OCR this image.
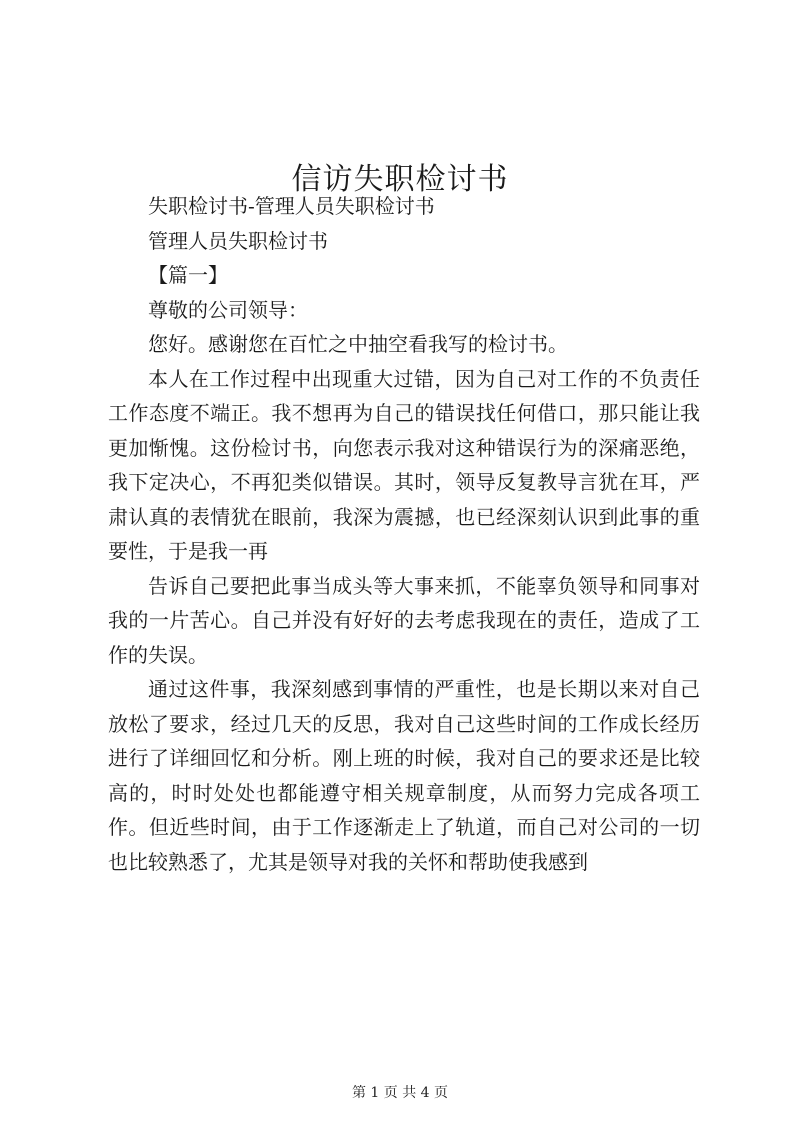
信访失职检讨书

失职检讨书-管理人员失职检讨书

管理人员失职检讨书

【篇一】

尊敬的公司领导：

您好。感谢您在百忙之中抽空看我写的检讨书。

本人在工作过程中出现重大过错，因为自己对工作的不负责任工作态度不端正。我不想再为自己的错误找任何借口，那只能让我更加惭愧。这份检讨书，向您表示我对这种错误行为的深痛恶绝，我下定决心，不再犯类似错误。其时，领导反复教导言犹在耳，严肃认真的表情犹在眼前，我深为震撼，也已经深刻认识到此事的重要性，于是我一再

告诉自己要把此事当成头等大事来抓，不能辜负领导和同事对我的一片苦心。自己并没有好好的去考虑我现在的责任，造成了工作的失误。

通过这件事，我深刻感到事情的严重性，也是长期以来对自己放松了要求，经过几天的反思，我对自己这些时间的工作成长经历进行了详细回忆和分析。刚上班的时候，我对自己的要求还是比较高的，时时处处也都能遵守相关规章制度，从而努力完成各项工作。但近些时间，由于工作逐渐走上了轨道，而自己对公司的一切也比较熟悉了，尤其是领导对我的关怀和帮助使我感到

第 1 页 共 4 页
